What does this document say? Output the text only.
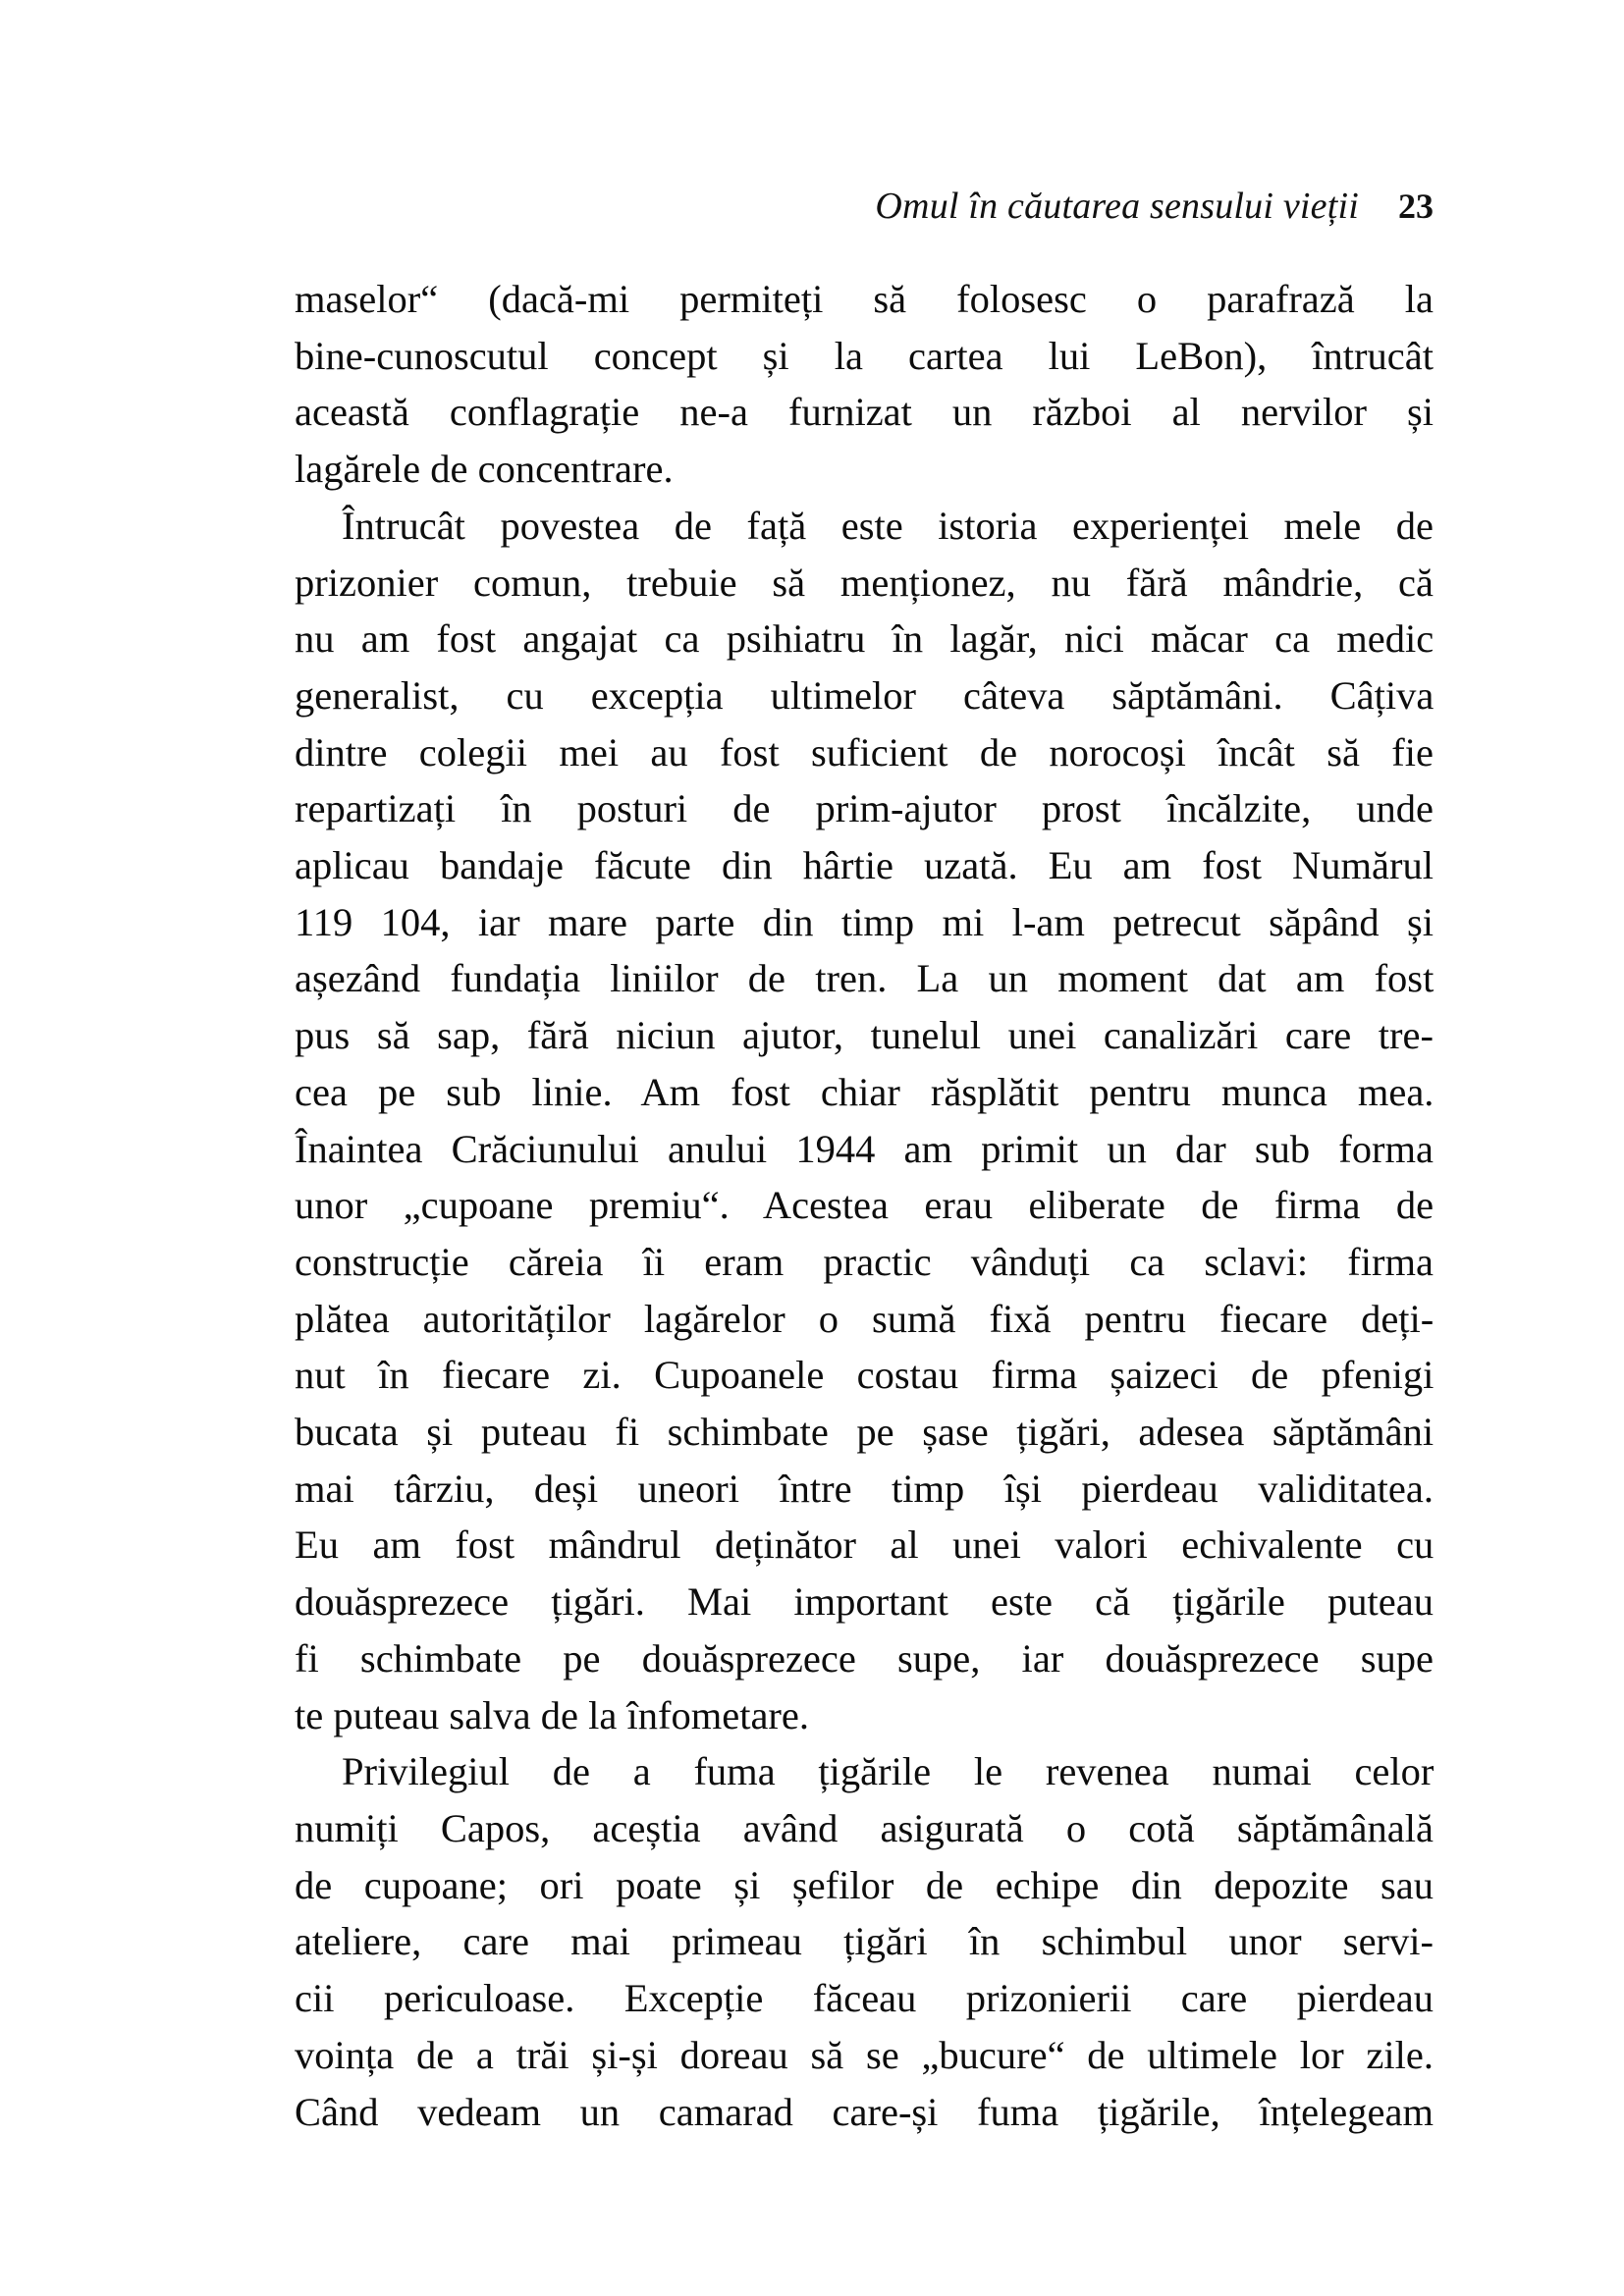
Omul în căutarea sensului vieții 23

maselor“ (dacă-mi permiteți să folosesc o parafrază la
bine-cunoscutul concept și la cartea lui LeBon), întrucât
această conflagrație ne-a furnizat un război al nervilor și
lagărele de concentrare.

Întrucât povestea de față este istoria experienței mele de
prizonier comun, trebuie să menționez, nu fără mândrie, că
nu am fost angajat ca psihiatru în lagăr, nici măcar ca medic
generalist, cu excepția ultimelor câteva săptămâni. Câțiva
dintre colegii mei au fost suficient de norocoși încât să fie
repartizați în posturi de prim-ajutor prost încălzite, unde
aplicau bandaje făcute din hârtie uzată. Eu am fost Numărul
119 104, iar mare parte din timp mi l-am petrecut săpând și
așezând fundația liniilor de tren. La un moment dat am fost
pus să sap, fără niciun ajutor, tunelul unei canalizări care tre-
cea pe sub linie. Am fost chiar răsplătit pentru munca mea.
Înaintea Crăciunului anului 1944 am primit un dar sub forma
unor „cupoane premiu“. Acestea erau eliberate de firma de
construcție căreia îi eram practic vânduți ca sclavi: firma
plătea autorităților lagărelor o sumă fixă pentru fiecare deți-
nut în fiecare zi. Cupoanele costau firma șaizeci de pfenigi
bucata și puteau fi schimbate pe șase țigări, adesea săptămâni
mai târziu, deși uneori între timp își pierdeau validitatea.
Eu am fost mândrul deținător al unei valori echivalente cu
douăsprezece țigări. Mai important este că țigările puteau
fi schimbate pe douăsprezece supe, iar douăsprezece supe
te puteau salva de la înfometare.

Privilegiul de a fuma țigările le revenea numai celor
numiți Capos, aceștia având asigurată o cotă săptămânală
de cupoane; ori poate și șefilor de echipe din depozite sau
ateliere, care mai primeau țigări în schimbul unor servi-
cii periculoase. Excepție făceau prizonierii care pierdeau
voința de a trăi și-și doreau să se „bucure“ de ultimele lor zile.
Când vedeam un camarad care-și fuma țigările, înțelegeam
